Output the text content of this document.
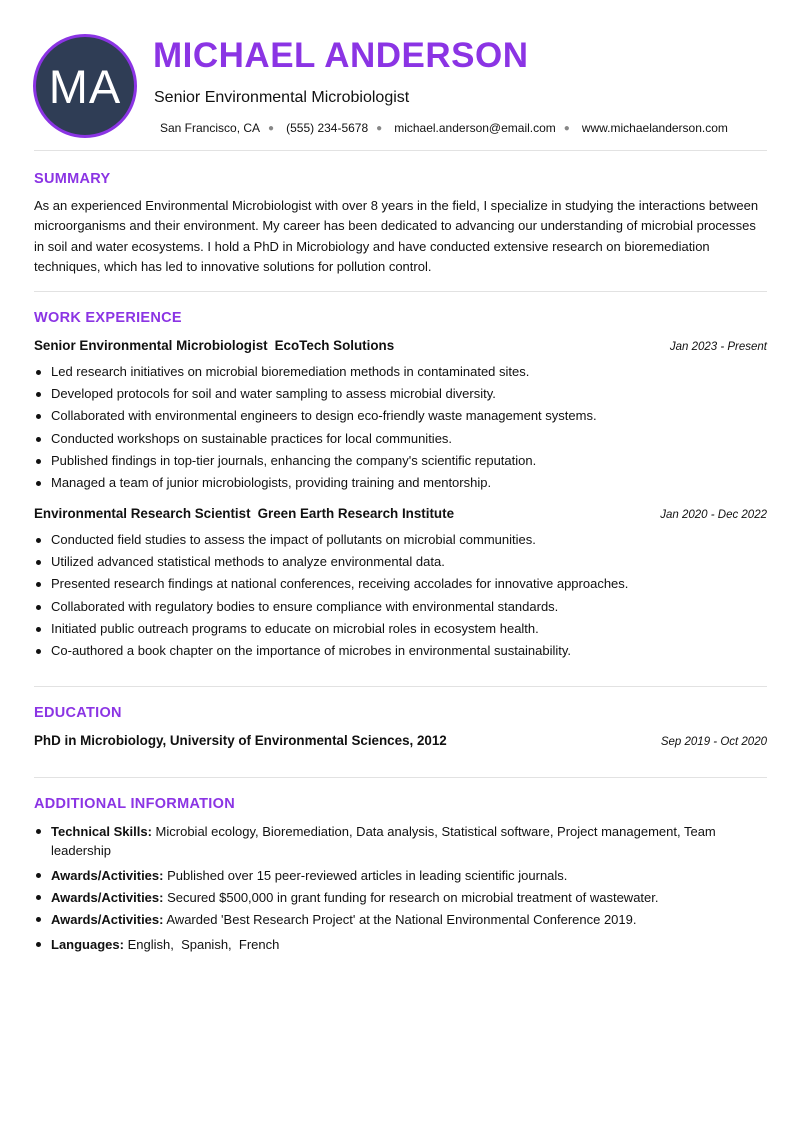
MA
MICHAEL ANDERSON
Senior Environmental Microbiologist
San Francisco, CA ● (555) 234-5678 ● michael.anderson@email.com ● www.michaelanderson.com
SUMMARY

As an experienced Environmental Microbiologist with over 8 years in the field, I specialize in studying the interactions between microorganisms and their environment. My career has been dedicated to advancing our understanding of microbial processes in soil and water ecosystems. I hold a PhD in Microbiology and have conducted extensive research on bioremediation techniques, which has led to innovative solutions for pollution control.

WORK EXPERIENCE
Senior Environmental Microbiologist EcoTech Solutions	Jan 2023 - Present
Led research initiatives on microbial bioremediation methods in contaminated sites.
Developed protocols for soil and water sampling to assess microbial diversity.
Collaborated with environmental engineers to design eco-friendly waste management systems.
Conducted workshops on sustainable practices for local communities.
Published findings in top-tier journals, enhancing the company's scientific reputation.
Managed a team of junior microbiologists, providing training and mentorship.
Environmental Research Scientist Green Earth Research Institute	Jan 2020 - Dec 2022
Conducted field studies to assess the impact of pollutants on microbial communities.
Utilized advanced statistical methods to analyze environmental data.
Presented research findings at national conferences, receiving accolades for innovative approaches.
Collaborated with regulatory bodies to ensure compliance with environmental standards.
Initiated public outreach programs to educate on microbial roles in ecosystem health.
Co-authored a book chapter on the importance of microbes in environmental sustainability.
EDUCATION
PhD in Microbiology, University of Environmental Sciences, 2012	Sep 2019 - Oct 2020
ADDITIONAL INFORMATION
Technical Skills: Microbial ecology, Bioremediation, Data analysis, Statistical software, Project management, Team leadership
Awards/Activities: Published over 15 peer-reviewed articles in leading scientific journals.
Awards/Activities: Secured $500,000 in grant funding for research on microbial treatment of wastewater.
Awards/Activities: Awarded 'Best Research Project' at the National Environmental Conference 2019.
Languages: English,  Spanish,  French
